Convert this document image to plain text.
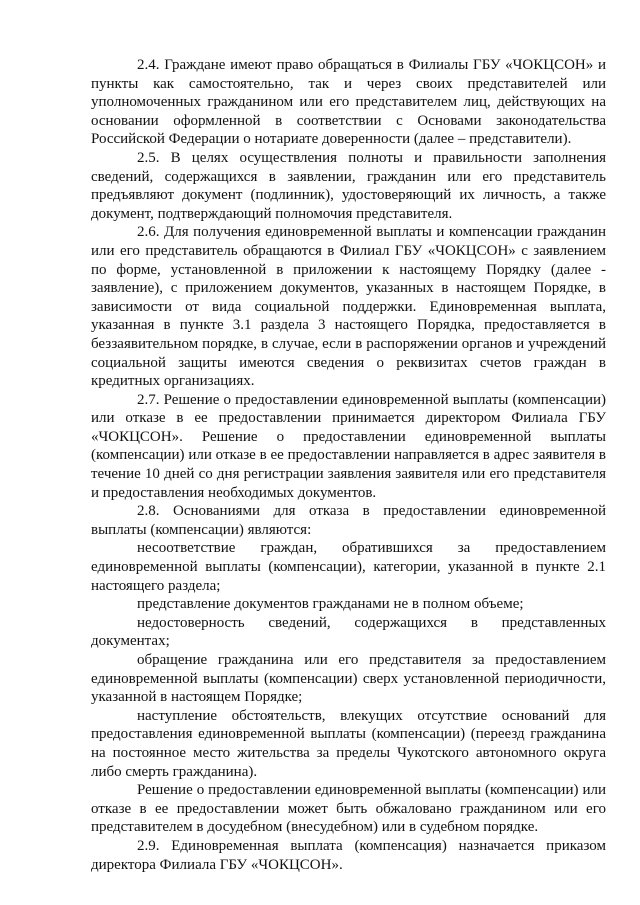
2.4. Граждане имеют право обращаться в Филиалы ГБУ «ЧОКЦСОН» и пункты как самостоятельно, так и через своих представителей или уполномоченных гражданином или его представителем лиц, действующих на основании оформленной в соответствии с Основами законодательства Российской Федерации о нотариате доверенности (далее – представители).

2.5. В целях осуществления полноты и правильности заполнения сведений, содержащихся в заявлении, гражданин или его представитель предъявляют документ (подлинник), удостоверяющий их личность, а также документ, подтверждающий полномочия представителя.

2.6. Для получения единовременной выплаты и компенсации гражданин или его представитель обращаются в Филиал ГБУ «ЧОКЦСОН» с заявлением по форме, установленной в приложении к настоящему Порядку (далее - заявление), с приложением документов, указанных в настоящем Порядке, в зависимости от вида социальной поддержки. Единовременная выплата, указанная в пункте 3.1 раздела 3 настоящего Порядка, предоставляется в беззаявительном порядке, в случае, если в распоряжении органов и учреждений социальной защиты имеются сведения о реквизитах счетов граждан в кредитных организациях.

2.7. Решение о предоставлении единовременной выплаты (компенсации) или отказе в ее предоставлении принимается директором Филиала ГБУ «ЧОКЦСОН». Решение о предоставлении единовременной выплаты (компенсации) или отказе в ее предоставлении направляется в адрес заявителя в течение 10 дней со дня регистрации заявления заявителя или его представителя и предоставления необходимых документов.

2.8. Основаниями для отказа в предоставлении единовременной выплаты (компенсации) являются:

несоответствие граждан, обратившихся за предоставлением единовременной выплаты (компенсации), категории, указанной в пункте 2.1 настоящего раздела;

представление документов гражданами не в полном объеме;

недостоверность сведений, содержащихся в представленных документах;

обращение гражданина или его представителя за предоставлением единовременной выплаты (компенсации) сверх установленной периодичности, указанной в настоящем Порядке;

наступление обстоятельств, влекущих отсутствие оснований для предоставления единовременной выплаты (компенсации) (переезд гражданина на постоянное место жительства за пределы Чукотского автономного округа либо смерть гражданина).

Решение о предоставлении единовременной выплаты (компенсации) или отказе в ее предоставлении может быть обжаловано гражданином или его представителем в досудебном (внесудебном) или в судебном порядке.

2.9. Единовременная выплата (компенсация) назначается приказом директора Филиала ГБУ «ЧОКЦСОН».
